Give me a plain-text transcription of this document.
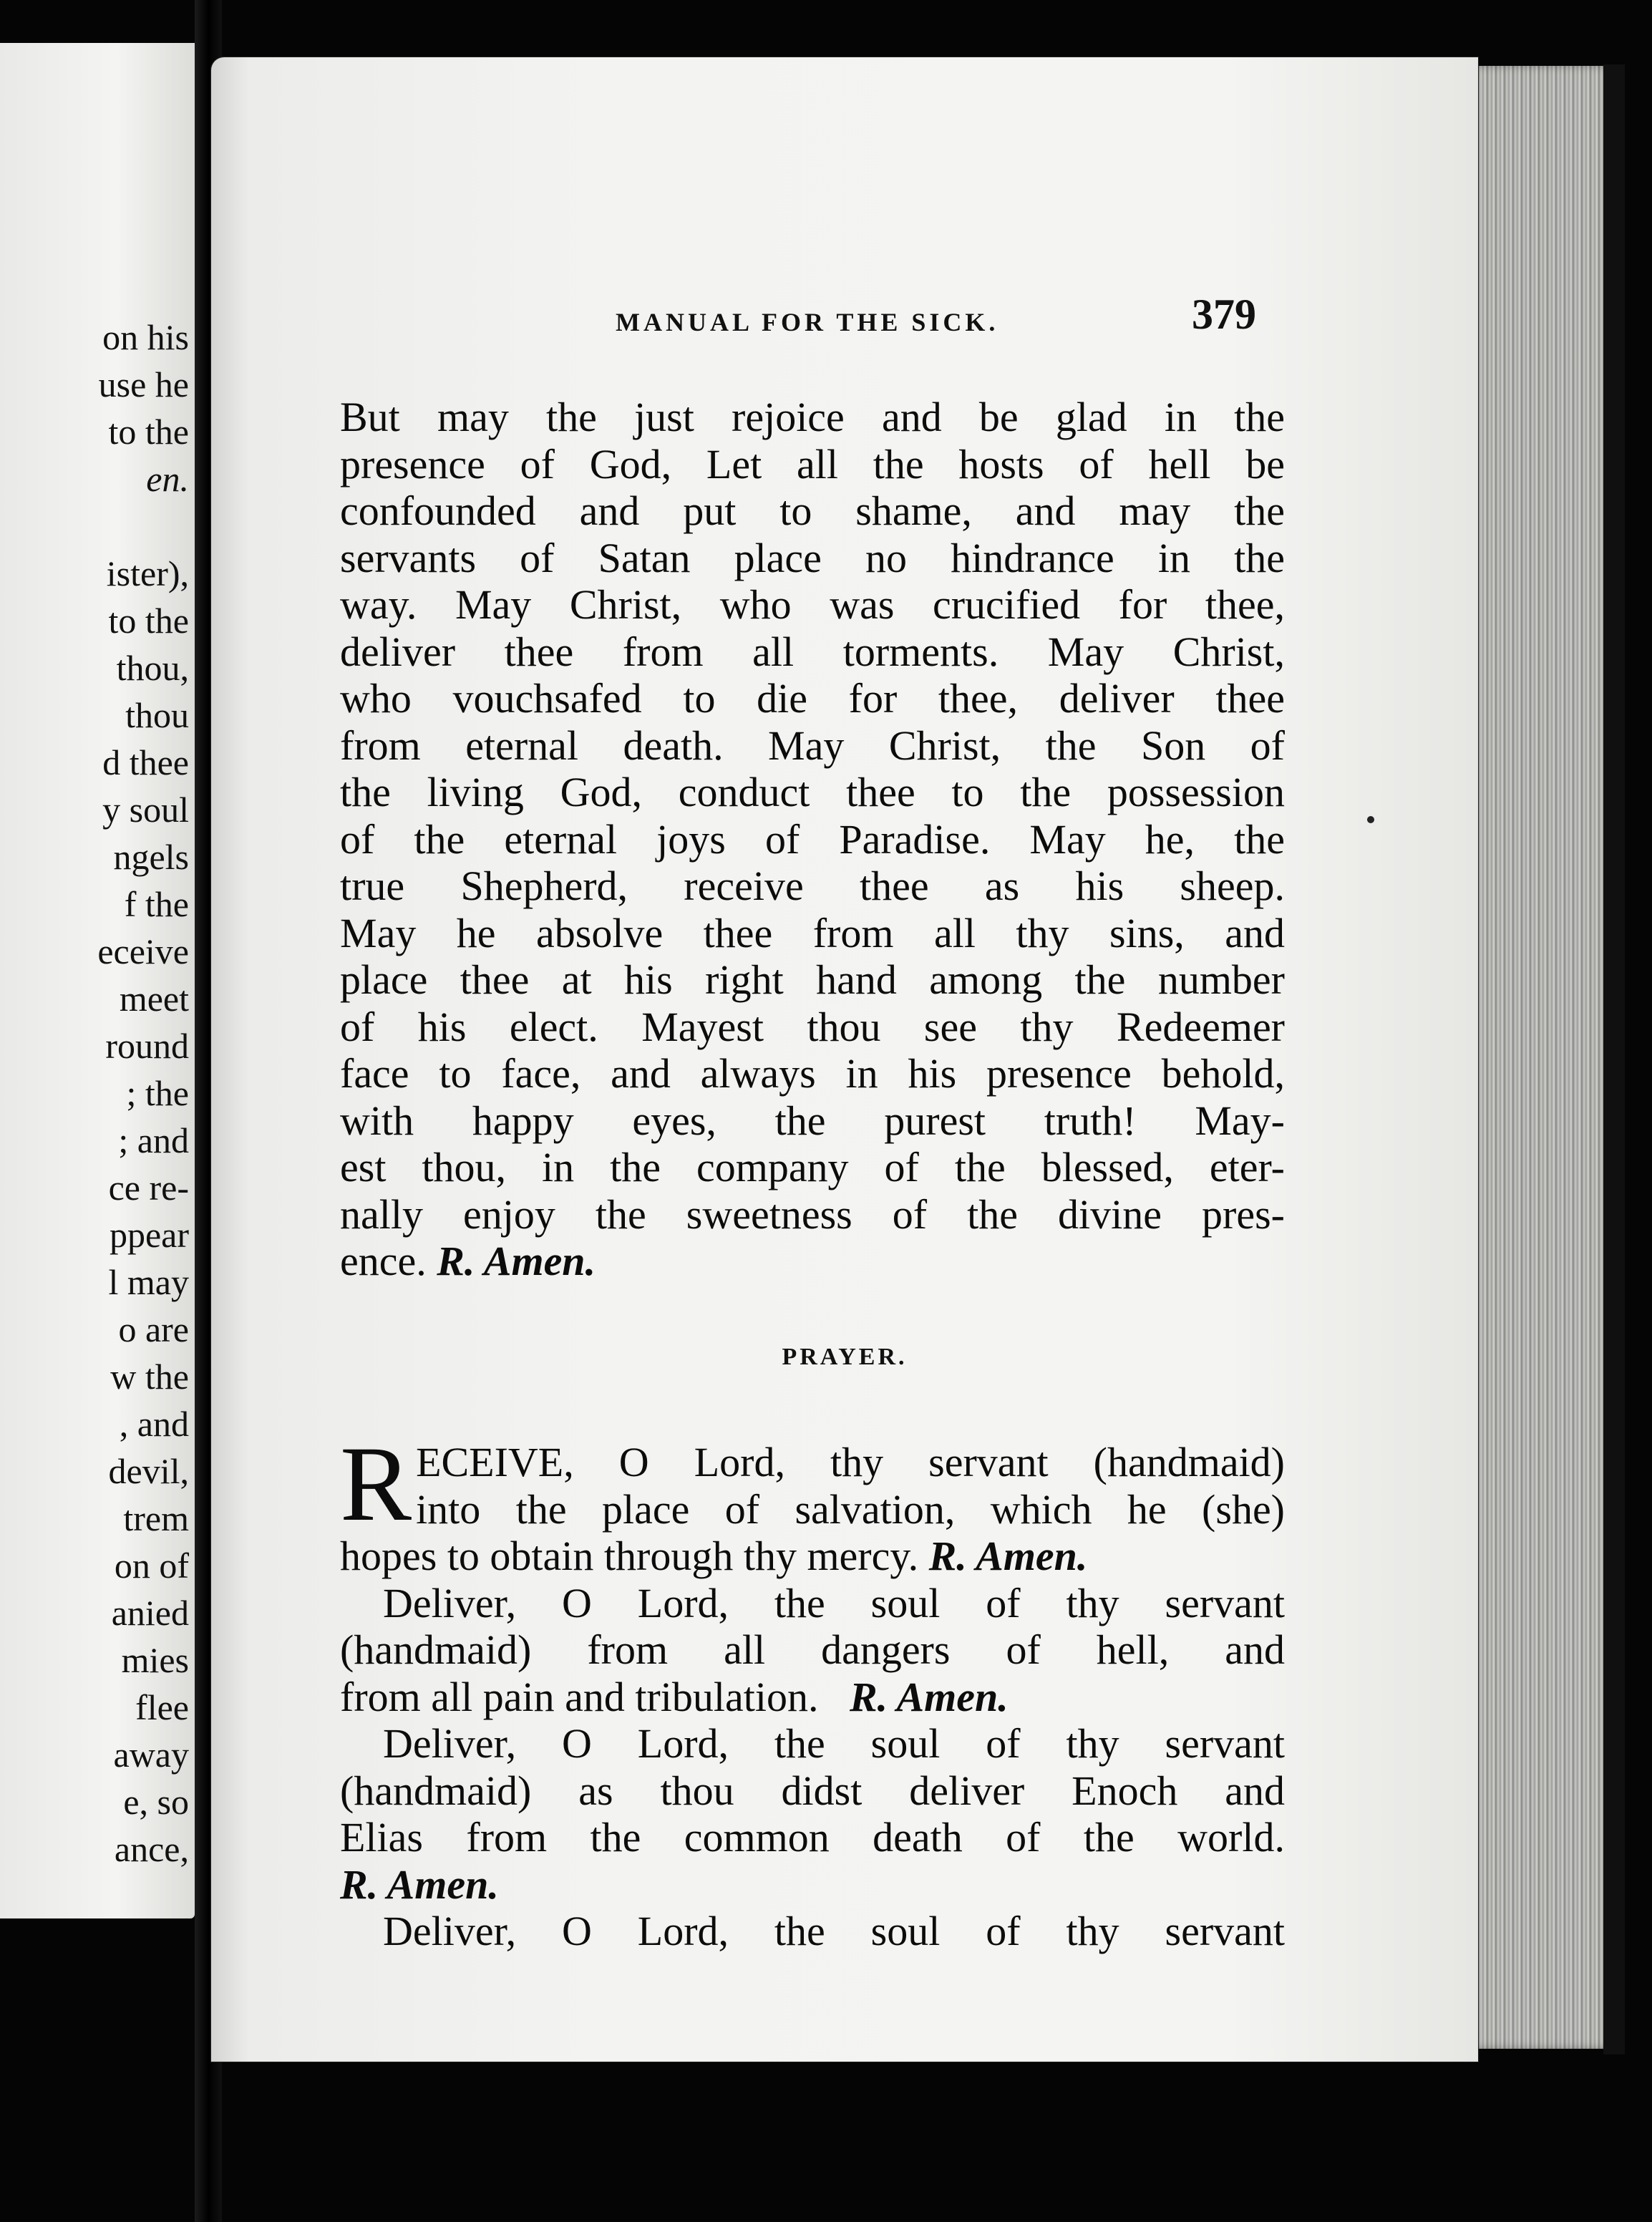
on his
use he
to the
en.
ister),
to the
thou,
thou
d thee
y soul
ngels
f the
eceive
meet
round
; the
; and
ce re-
ppear
l may
o are
w the
, and
devil,
trem
on of
anied
mies
flee
away
e, so
ance,
MANUAL FOR THE SICK.	379
But may the just rejoice and be glad in the
presence of God, Let all the hosts of hell be
confounded and put to shame, and may the
servants of Satan place no hindrance in the
way. May Christ, who was crucified for thee,
deliver thee from all torments. May Christ,
who vouchsafed to die for thee, deliver thee
from eternal death. May Christ, the Son of
the living God, conduct thee to the possession
of the eternal joys of Paradise. May he, the
true Shepherd, receive thee as his sheep.
May he absolve thee from all thy sins, and
place thee at his right hand among the number
of his elect. Mayest thou see thy Redeemer
face to face, and always in his presence behold,
with happy eyes, the purest truth! May-
est thou, in the company of the blessed, eter-
nally enjoy the sweetness of the divine pres-
ence. R. Amen.
PRAYER.
R ECEIVE, O Lord, thy servant (handmaid)
into the place of salvation, which he (she)
hopes to obtain through thy mercy. R. Amen.
Deliver, O Lord, the soul of thy servant
(handmaid) from all dangers of hell, and
from all pain and tribulation. R. Amen.
Deliver, O Lord, the soul of thy servant
(handmaid) as thou didst deliver Enoch and
Elias from the common death of the world.
R. Amen.
Deliver, O Lord, the soul of thy servant
